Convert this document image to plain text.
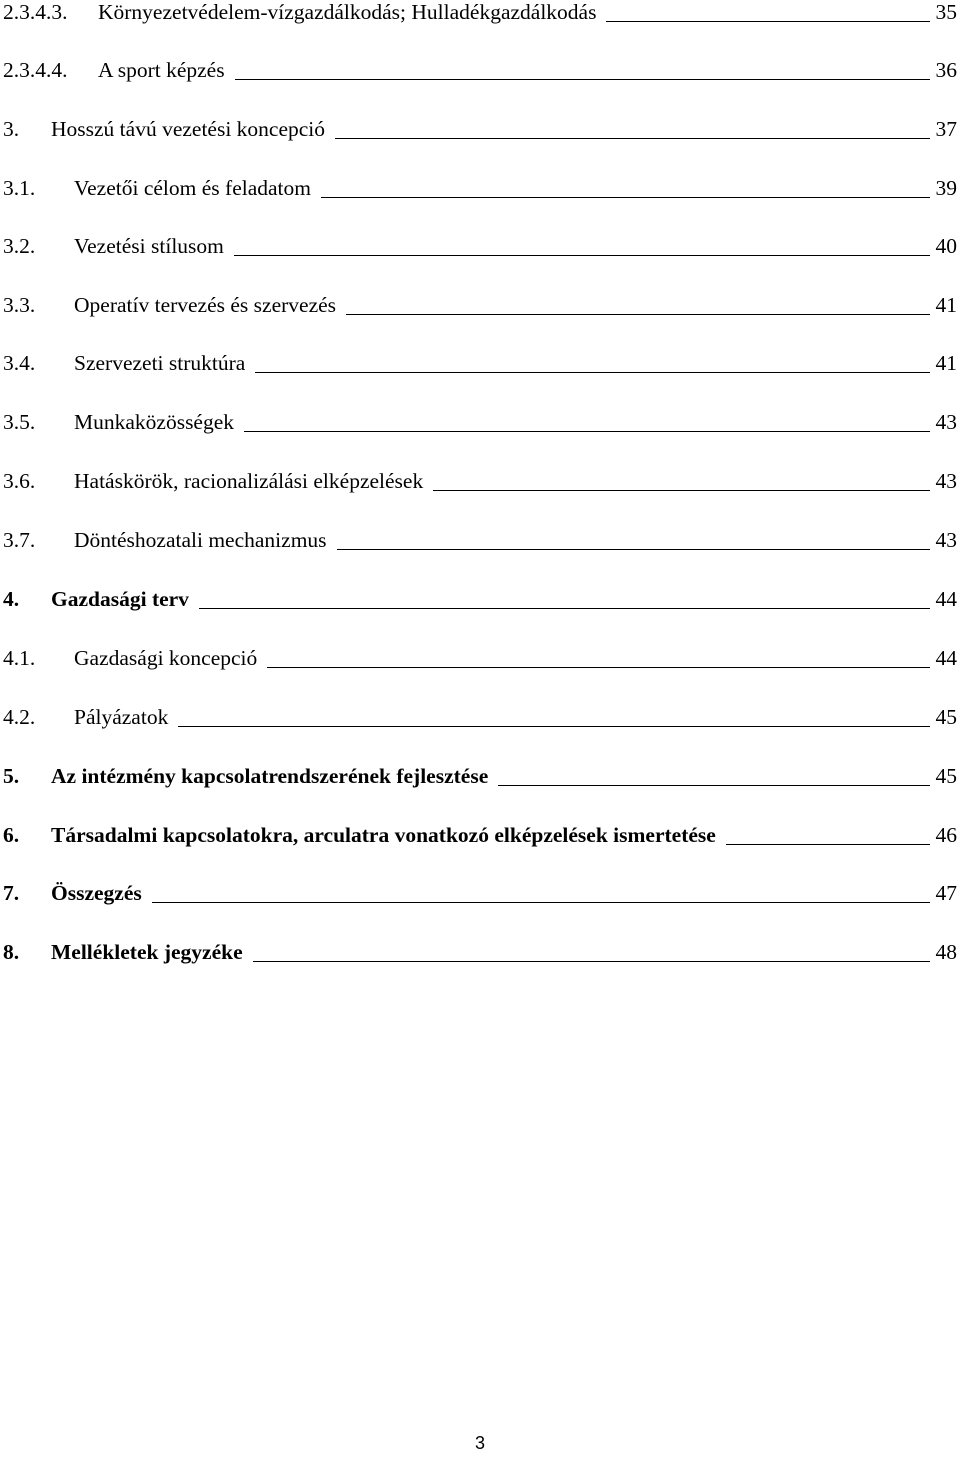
2.3.4.3. Környezetvédelem-vízgazdálkodás; Hulladékgazdálkodás	35
2.3.4.4. A sport képzés	36
3. Hosszú távú vezetési koncepció	37
3.1. Vezetői célom és feladatom	39
3.2. Vezetési stílusom	40
3.3. Operatív tervezés és szervezés	41
3.4. Szervezeti struktúra	41
3.5. Munkaközösségek	43
3.6. Hatáskörök, racionalizálási elképzelések	43
3.7. Döntéshozatali mechanizmus	43
4. Gazdasági terv	44
4.1. Gazdasági koncepció	44
4.2. Pályázatok	45
5. Az intézmény kapcsolatrendszerének fejlesztése	45
6. Társadalmi kapcsolatokra, arculatra vonatkozó elképzelések ismertetése	46
7. Összegzés	47
8. Mellékletek jegyzéke	48
3
